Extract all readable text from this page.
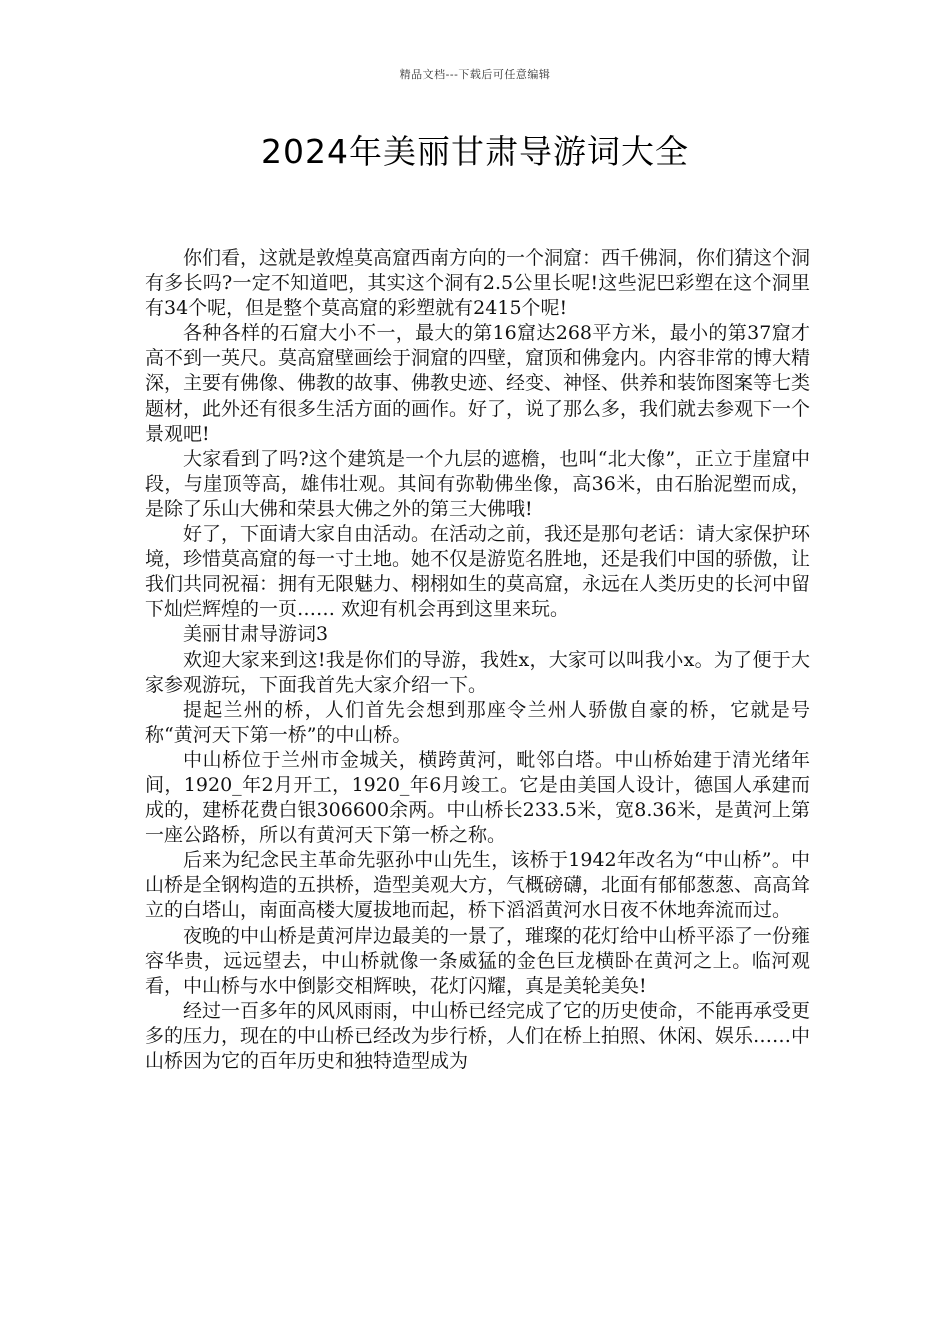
精品文档---下载后可任意编辑
2024年美丽甘肃导游词大全

你们看，这就是敦煌莫高窟西南方向的一个洞窟：西千佛洞，你们猜这个洞有多长吗?一定不知道吧，其实这个洞有2.5公里长呢!这些泥巴彩塑在这个洞里有34个呢，但是整个莫高窟的彩塑就有2415个呢!

各种各样的石窟大小不一，最大的第16窟达268平方米，最小的第37窟才高不到一英尺。莫高窟壁画绘于洞窟的四壁，窟顶和佛龛内。内容非常的博大精深，主要有佛像、佛教的故事、佛教史迹、经变、神怪、供养和装饰图案等七类题材，此外还有很多生活方面的画作。好了，说了那么多，我们就去参观下一个景观吧!

大家看到了吗?这个建筑是一个九层的遮檐，也叫“北大像”，正立于崖窟中段，与崖顶等高，雄伟壮观。其间有弥勒佛坐像，高36米，由石胎泥塑而成，是除了乐山大佛和荣县大佛之外的第三大佛哦!

好了，下面请大家自由活动。在活动之前，我还是那句老话：请大家保护环境，珍惜莫高窟的每一寸土地。她不仅是游览名胜地，还是我们中国的骄傲，让我们共同祝福：拥有无限魅力、栩栩如生的莫高窟，永远在人类历史的长河中留下灿烂辉煌的一页…… 欢迎有机会再到这里来玩。

美丽甘肃导游词3

欢迎大家来到这!我是你们的导游，我姓x，大家可以叫我小x。为了便于大家参观游玩，下面我首先大家介绍一下。

提起兰州的桥，人们首先会想到那座令兰州人骄傲自豪的桥，它就是号称“黄河天下第一桥”的中山桥。

中山桥位于兰州市金城关，横跨黄河，毗邻白塔。中山桥始建于清光绪年间，1920_年2月开工，1920_年6月竣工。它是由美国人设计，德国人承建而成的，建桥花费白银306600余两。中山桥长233.5米，宽8.36米，是黄河上第一座公路桥，所以有黄河天下第一桥之称。

后来为纪念民主革命先驱孙中山先生，该桥于1942年改名为“中山桥”。中山桥是全钢构造的五拱桥，造型美观大方，气概磅礴，北面有郁郁葱葱、高高耸立的白塔山，南面高楼大厦拔地而起，桥下滔滔黄河水日夜不休地奔流而过。

夜晚的中山桥是黄河岸边最美的一景了，璀璨的花灯给中山桥平添了一份雍容华贵，远远望去，中山桥就像一条威猛的金色巨龙横卧在黄河之上。临河观看，中山桥与水中倒影交相辉映，花灯闪耀，真是美轮美奂!

经过一百多年的风风雨雨，中山桥已经完成了它的历史使命，不能再承受更多的压力，现在的中山桥已经改为步行桥，人们在桥上拍照、休闲、娱乐……中山桥因为它的百年历史和独特造型成为
